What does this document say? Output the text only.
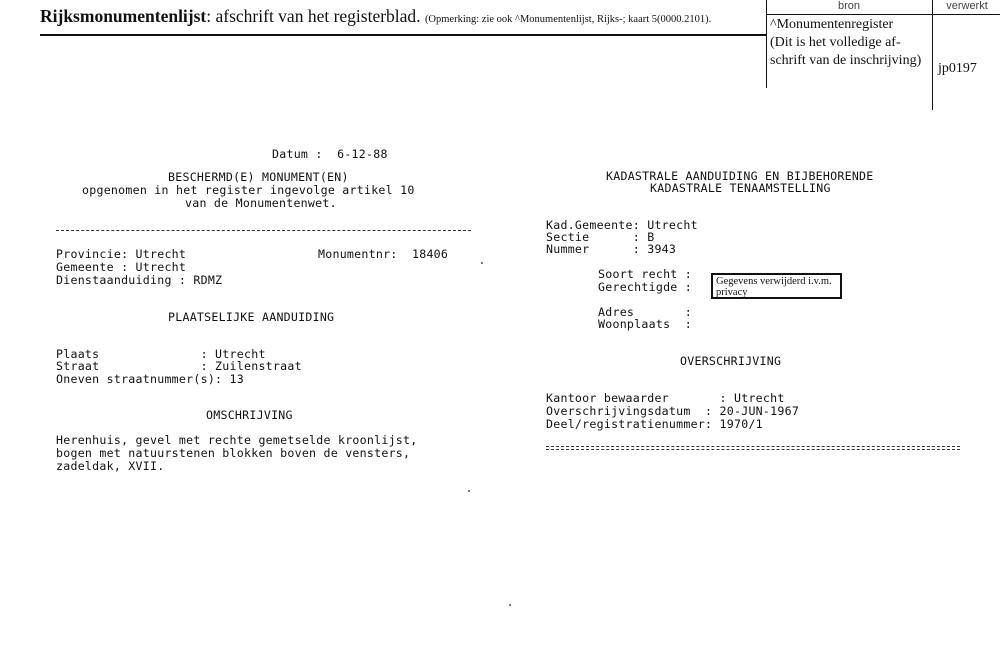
Rijksmonumentenlijst: afschrift van het registerblad. (Opmerking: zie ook ^Monumentenlijst, Rijks-; kaart 5(0000.2101).
bron	verwerkt
^Monumentenregister
(Dit is het volledige af-
schrift van de inschrijving)
jp0197
Datum :  6-12-88
BESCHERMD(E) MONUMENT(EN)
opgenomen in het register ingevolge artikel 10
van de Monumentenwet.
Provincie: Utrecht	Monumentnr:  18406
Gemeente : Utrecht
Dienstaanduiding : RDMZ
PLAATSELIJKE AANDUIDING
Plaats              : Utrecht
Straat              : Zuilenstraat
Oneven straatnummer(s): 13
OMSCHRIJVING
Herenhuis, gevel met rechte gemetselde kroonlijst,
bogen met natuurstenen blokken boven de vensters,
zadeldak, XVII.
KADASTRALE AANDUIDING EN BIJBEHORENDE
KADASTRALE TENAAMSTELLING
Kad.Gemeente: Utrecht
Sectie      : B
Nummer      : 3943
Soort recht :
Gerechtigde :	Gegevens verwijderd i.v.m. privacy
Adres       :
Woonplaats  :
OVERSCHRIJVING
Kantoor bewaarder       : Utrecht
Overschrijvingsdatum  : 20-JUN-1967
Deel/registratienummer: 1970/1
